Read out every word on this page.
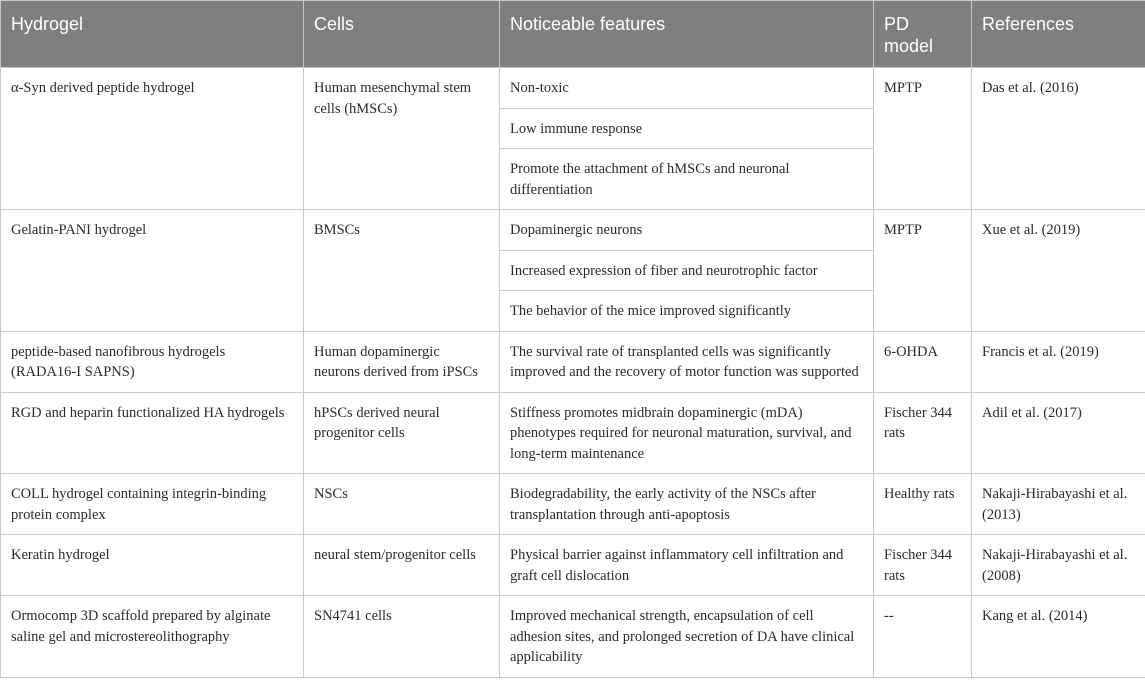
Hydrogel	Cells	Noticeable features	PD model	References
α-Syn derived peptide hydrogel	Human mesenchymal stem cells (hMSCs)	Non-toxic	MPTP	Das et al. (2016)
		Low immune response		
		Promote the attachment of hMSCs and neuronal differentiation		
Gelatin-PANI hydrogel	BMSCs	Dopaminergic neurons	MPTP	Xue et al. (2019)
		Increased expression of fiber and neurotrophic factor		
		The behavior of the mice improved significantly		
peptide-based nanofibrous hydrogels (RADA16-I SAPNS)	Human dopaminergic neurons derived from iPSCs	The survival rate of transplanted cells was significantly improved and the recovery of motor function was supported	6-OHDA	Francis et al. (2019)
RGD and heparin functionalized HA hydrogels	hPSCs derived neural progenitor cells	Stiffness promotes midbrain dopaminergic (mDA) phenotypes required for neuronal maturation, survival, and long-term maintenance	Fischer 344 rats	Adil et al. (2017)
COLL hydrogel containing integrin-binding protein complex	NSCs	Biodegradability, the early activity of the NSCs after transplantation through anti-apoptosis	Healthy rats	Nakaji-Hirabayashi et al. (2013)
Keratin hydrogel	neural stem/progenitor cells	Physical barrier against inflammatory cell infiltration and graft cell dislocation	Fischer 344 rats	Nakaji-Hirabayashi et al. (2008)
Ormocomp 3D scaffold prepared by alginate saline gel and microstereolithography	SN4741 cells	Improved mechanical strength, encapsulation of cell adhesion sites, and prolonged secretion of DA have clinical applicability	--	Kang et al. (2014)
